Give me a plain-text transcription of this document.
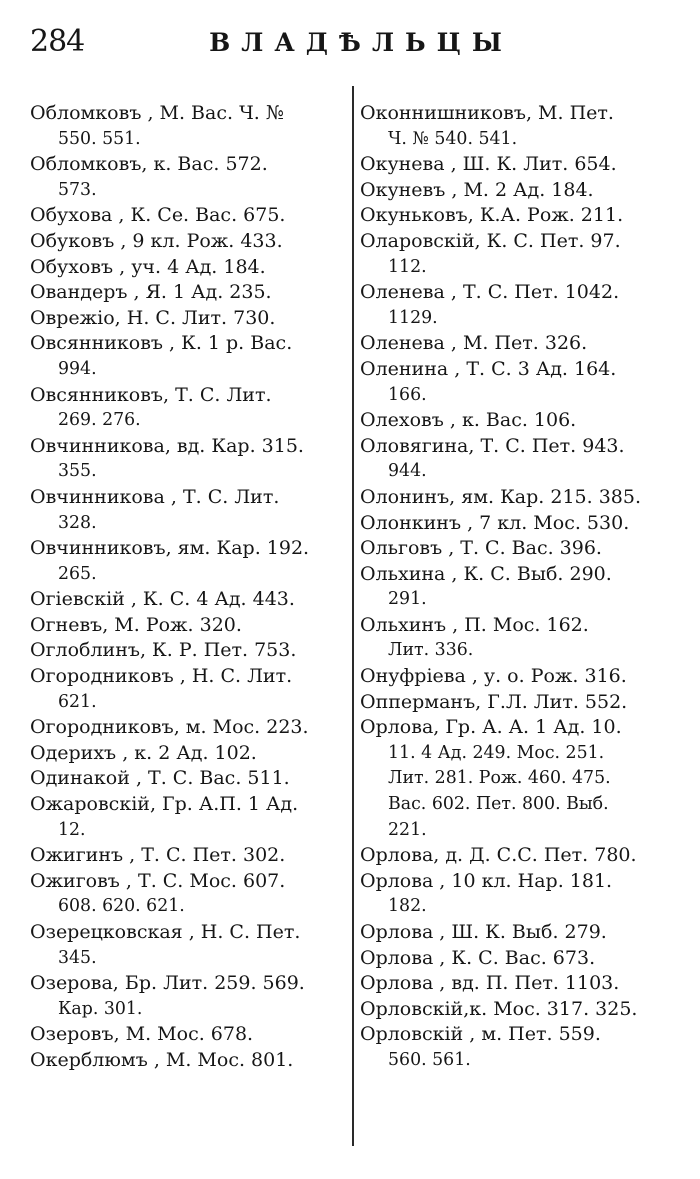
284	ВЛАДѢЛЬЦЫ
Обломковъ , М. Вас. Ч. №
550. 551.
Обломковъ, к. Вас. 572.
573.
Обухова , К. Се. Вас. 675.
Обуковъ , 9 кл. Рож. 433.
Обуховъ , уч. 4 Ад. 184.
Овандеръ , Я. 1 Ад. 235.
Оврежіо, Н. С. Лит. 730.
Овсянниковъ , К. 1 р. Вас.
994.
Овсянниковъ, Т. С. Лит.
269. 276.
Овчинникова, вд. Кар. 315.
355.
Овчинникова , Т. С. Лит.
328.
Овчинниковъ, ям. Кар. 192.
265.
Огіевскій , К. С. 4 Ад. 443.
Огневъ, М. Рож. 320.
Оглоблинъ, К. Р. Пет. 753.
Огородниковъ , Н. С. Лит.
621.
Огородниковъ, м. Мос. 223.
Одерихъ , к. 2 Ад. 102.
Одинакой , Т. С. Вас. 511.
Ожаровскій, Гр. А.П. 1 Ад.
12.
Ожигинъ , Т. С. Пет. 302.
Ожиговъ , Т. С. Мос. 607.
608. 620. 621.
Озерецковская , Н. С. Пет.
345.
Озерова, Бр. Лит. 259. 569.
Кар. 301.
Озеровъ, М. Мос. 678.
Окерблюмъ , М. Мос. 801.
Оконнишниковъ, М. Пет.
Ч. № 540. 541.
Окунева , Ш. К. Лит. 654.
Окуневъ , М. 2 Ад. 184.
Окуньковъ, К.А. Рож. 211.
Оларовскій, К. С. Пет. 97.
112.
Оленева , Т. С. Пет. 1042.
1129.
Оленева , М. Пет. 326.
Оленина , Т. С. 3 Ад. 164.
166.
Олеховъ , к. Вас. 106.
Оловягина, Т. С. Пет. 943.
944.
Олонинъ, ям. Кар. 215. 385.
Олонкинъ , 7 кл. Мос. 530.
Ольговъ , Т. С. Вас. 396.
Ольхина , К. С. Выб. 290.
291.
Ольхинъ , П. Мос. 162.
Лит. 336.
Онуфріева , у. о. Рож. 316.
Опперманъ, Г.Л. Лит. 552.
Орлова, Гр. А. А. 1 Ад. 10.
11. 4 Ад. 249. Мос. 251.
Лит. 281. Рож. 460. 475.
Вас. 602. Пет. 800. Выб.
221.
Орлова, д. Д. С.С. Пет. 780.
Орлова , 10 кл. Нар. 181.
182.
Орлова , Ш. К. Выб. 279.
Орлова , К. С. Вас. 673.
Орлова , вд. П. Пет. 1103.
Орловскій,к. Мос. 317. 325.
Орловскій , м. Пет. 559.
560. 561.
